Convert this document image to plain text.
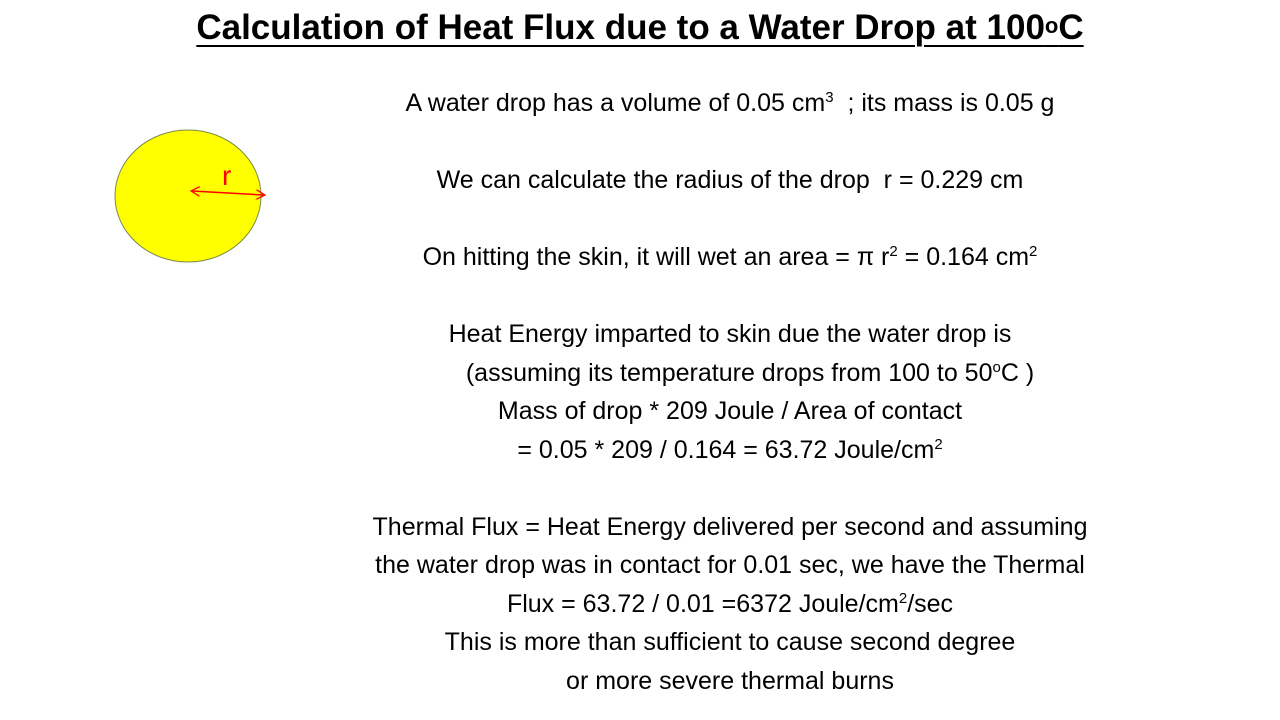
Calculation of Heat Flux due to a Water Drop at 100$^o$C
r

A water drop has a volume of 0.05 $cm^3$  ; its mass is 0.05 g

We can calculate the radius of the drop  r = 0.229 cm

On hitting the skin, it will wet an area = π $r^2 = 0.164$ $cm^2$

Heat Energy imparted to skin due the water drop is

(assuming its temperature drops from 100 to 50$^o$C )

Mass of drop * 209 Joule / Area of contact

= 0.05 * 209 / 0.164 = 63.72 Joule/$cm^2$

Thermal Flux = Heat Energy delivered per second and assuming

the water drop was in contact for 0.01 sec, we have the Thermal

Flux = 63.72 / 0.01 =6372 Joule/$cm^2/\sec$

This is more than sufficient to cause second degree

or more severe thermal burns
